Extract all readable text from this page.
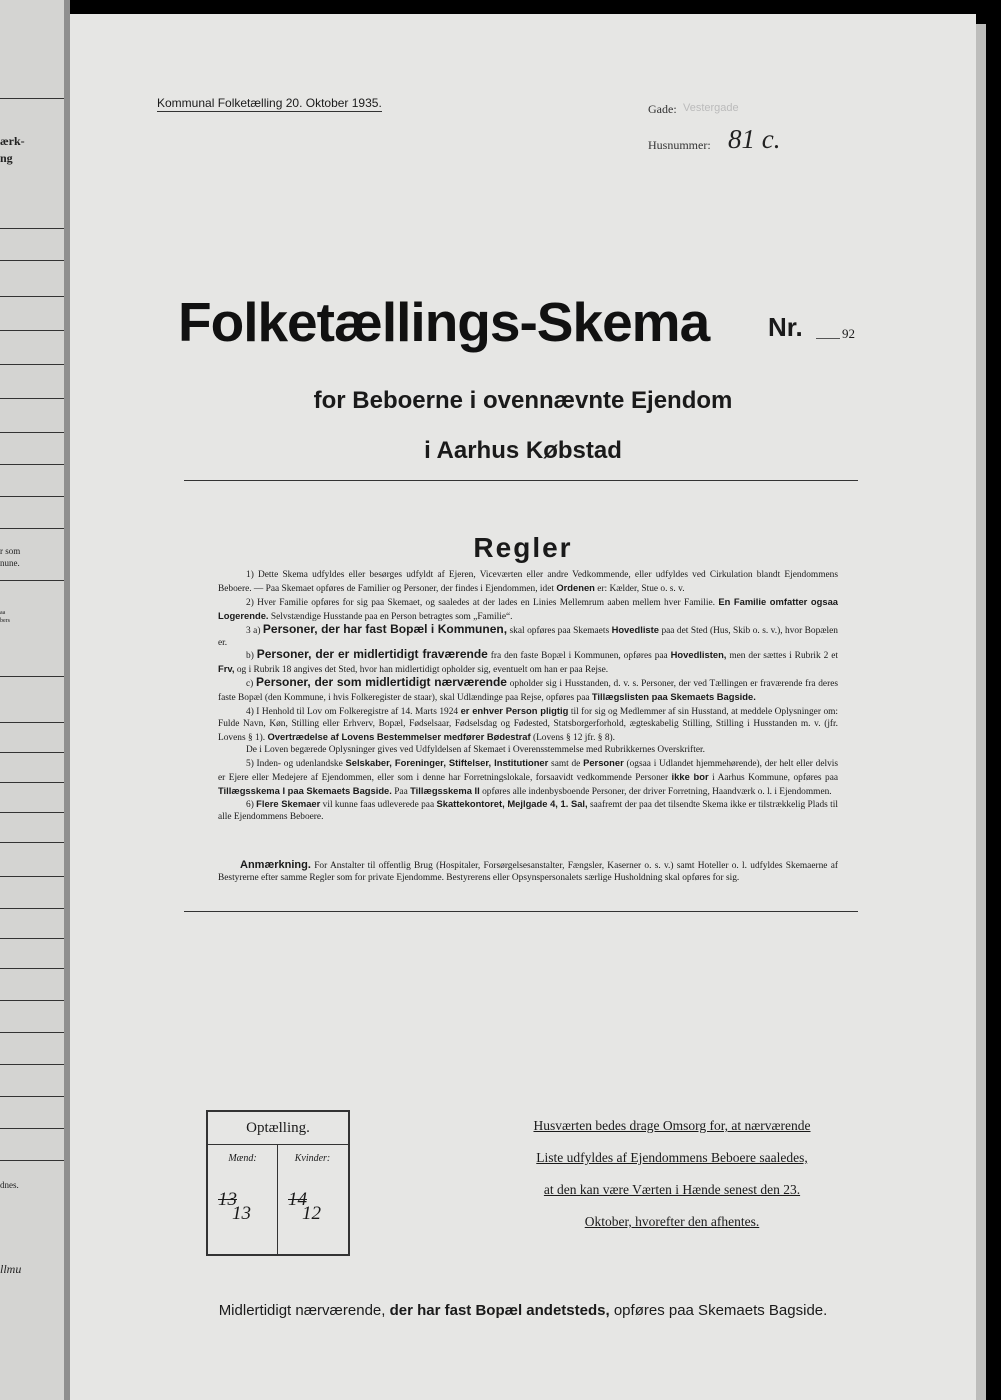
ærk-
ng
r som
nune.
aa
bers
dnes.
llmu
Kommunal Folketælling 20. Oktober 1935.	Gade: Vestergade
Husnummer: 81 c.
Folketællings-Skema Nr.	92
for Beboerne i ovennævnte Ejendom
i Aarhus Købstad
Regler

1) Dette Skema udfyldes eller besørges udfyldt af Ejeren, Viceværten eller andre Vedkommende, eller udfyldes ved Cirkulation blandt Ejendommens Beboere. — Paa Skemaet opføres de Familier og Personer, der findes i Ejendommen, idet Ordenen er: Kælder, Stue o. s. v.

2) Hver Familie opføres for sig paa Skemaet, og saaledes at der lades en Linies Mellemrum aaben mellem hver Familie. En Familie omfatter ogsaa Logerende. Selvstændige Husstande paa en Person betragtes som „Familie“.

3 a) Personer, der har fast Bopæl i Kommunen, skal opføres paa Skemaets Hovedliste paa det Sted (Hus, Skib o. s. v.), hvor Bopælen er.

b) Personer, der er midlertidigt fraværende fra den faste Bopæl i Kommunen, opføres paa Hovedlisten, men der sættes i Rubrik 2 et Frv, og i Rubrik 18 angives det Sted, hvor han midlertidigt opholder sig, eventuelt om han er paa Rejse.

c) Personer, der som midlertidigt nærværende opholder sig i Husstanden, d. v. s. Personer, der ved Tællingen er fraværende fra deres faste Bopæl (den Kommune, i hvis Folkeregister de staar), skal Udlændinge paa Rejse, opføres paa Tillægslisten paa Skemaets Bagside.

4) I Henhold til Lov om Folkeregistre af 14. Marts 1924 er enhver Person pligtig til for sig og Medlemmer af sin Husstand, at meddele Oplysninger om: Fulde Navn, Køn, Stilling eller Erhverv, Bopæl, Fødselsaar, Fødselsdag og Fødested, Statsborgerforhold, ægteskabelig Stilling, Stilling i Husstanden m. v. (jfr. Lovens § 1). Overtrædelse af Lovens Bestemmelser medfører Bødestraf (Lovens § 12 jfr. § 8).

De i Loven begærede Oplysninger gives ved Udfyldelsen af Skemaet i Overensstemmelse med Rubrikkernes Overskrifter.

5) Inden- og udenlandske Selskaber, Foreninger, Stiftelser, Institutioner samt de Personer (ogsaa i Udlandet hjemmehørende), der helt eller delvis er Ejere eller Medejere af Ejendommen, eller som i denne har Forretningslokale, forsaavidt vedkommende Personer ikke bor i Aarhus Kommune, opføres paa Tillægsskema I paa Skemaets Bagside. Paa Tillægsskema II opføres alle indenbysboende Personer, der driver Forretning, Haandværk o. l. i Ejendommen.

6) Flere Skemaer vil kunne faas udleverede paa Skattekontoret, Mejlgade 4, 1. Sal, saafremt der paa det tilsendte Skema ikke er tilstrækkelig Plads til alle Ejendommens Beboere.

Anmærkning. For Anstalter til offentlig Brug (Hospitaler, Forsørgelsesanstalter, Fængsler, Kaserner o. s. v.) samt Hoteller o. l. udfyldes Skemaerne af Bestyrerne efter samme Regler som for private Ejendomme. Bestyrerens eller Opsynspersonalets særlige Husholdning skal opføres for sig.

Optælling.
Mænd:
13
13
Kvinder:
14
12
Husværten bedes drage Omsorg for, at nærværende
Liste udfyldes af Ejendommens Beboere saaledes,
at den kan være Værten i Hænde senest den 23.
Oktober, hvorefter den afhentes.
Midlertidigt nærværende, der har fast Bopæl andetsteds, opføres paa Skemaets Bagside.
